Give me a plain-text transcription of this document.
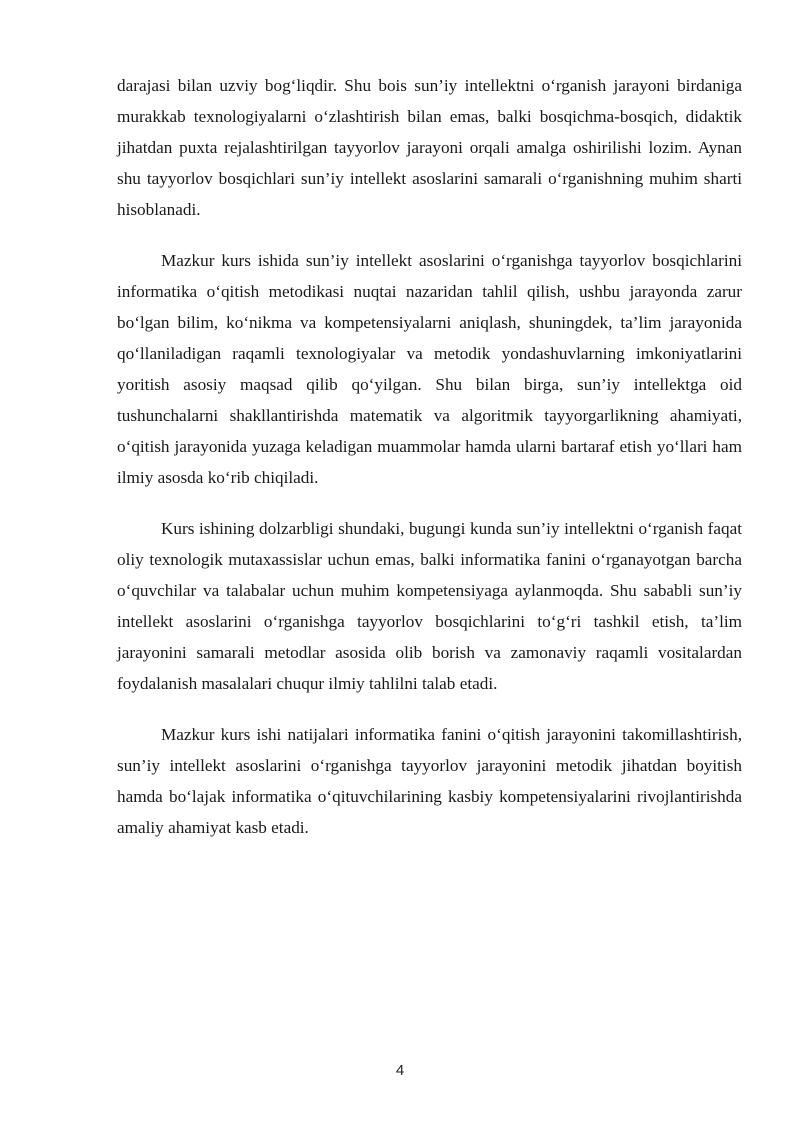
darajasi bilan uzviy bog‘liqdir. Shu bois sun’iy intellektni o‘rganish jarayoni birdaniga murakkab texnologiyalarni o‘zlashtirish bilan emas, balki bosqichma-bosqich, didaktik jihatdan puxta rejalashtirilgan tayyorlov jarayoni orqali amalga oshirilishi lozim. Aynan shu tayyorlov bosqichlari sun’iy intellekt asoslarini samarali o‘rganishning muhim sharti hisoblanadi.

Mazkur kurs ishida sun’iy intellekt asoslarini o‘rganishga tayyorlov bosqichlarini informatika o‘qitish metodikasi nuqtai nazaridan tahlil qilish, ushbu jarayonda zarur bo‘lgan bilim, ko‘nikma va kompetensiyalarni aniqlash, shuningdek, ta’lim jarayonida qo‘llaniladigan raqamli texnologiyalar va metodik yondashuvlarning imkoniyatlarini yoritish asosiy maqsad qilib qo‘yilgan. Shu bilan birga, sun’iy intellektga oid tushunchalarni shakllantirishda matematik va algoritmik tayyorgarlikning ahamiyati, o‘qitish jarayonida yuzaga keladigan muammolar hamda ularni bartaraf etish yo‘llari ham ilmiy asosda ko‘rib chiqiladi.

Kurs ishining dolzarbligi shundaki, bugungi kunda sun’iy intellektni o‘rganish faqat oliy texnologik mutaxassislar uchun emas, balki informatika fanini o‘rganayotgan barcha o‘quvchilar va talabalar uchun muhim kompetensiyaga aylanmoqda. Shu sababli sun’iy intellekt asoslarini o‘rganishga tayyorlov bosqichlarini to‘g‘ri tashkil etish, ta’lim jarayonini samarali metodlar asosida olib borish va zamonaviy raqamli vositalardan foydalanish masalalari chuqur ilmiy tahlilni talab etadi.

Mazkur kurs ishi natijalari informatika fanini o‘qitish jarayonini takomillashtirish, sun’iy intellekt asoslarini o‘rganishga tayyorlov jarayonini metodik jihatdan boyitish hamda bo‘lajak informatika o‘qituvchilarining kasbiy kompetensiyalarini rivojlantirishda amaliy ahamiyat kasb etadi.

4
